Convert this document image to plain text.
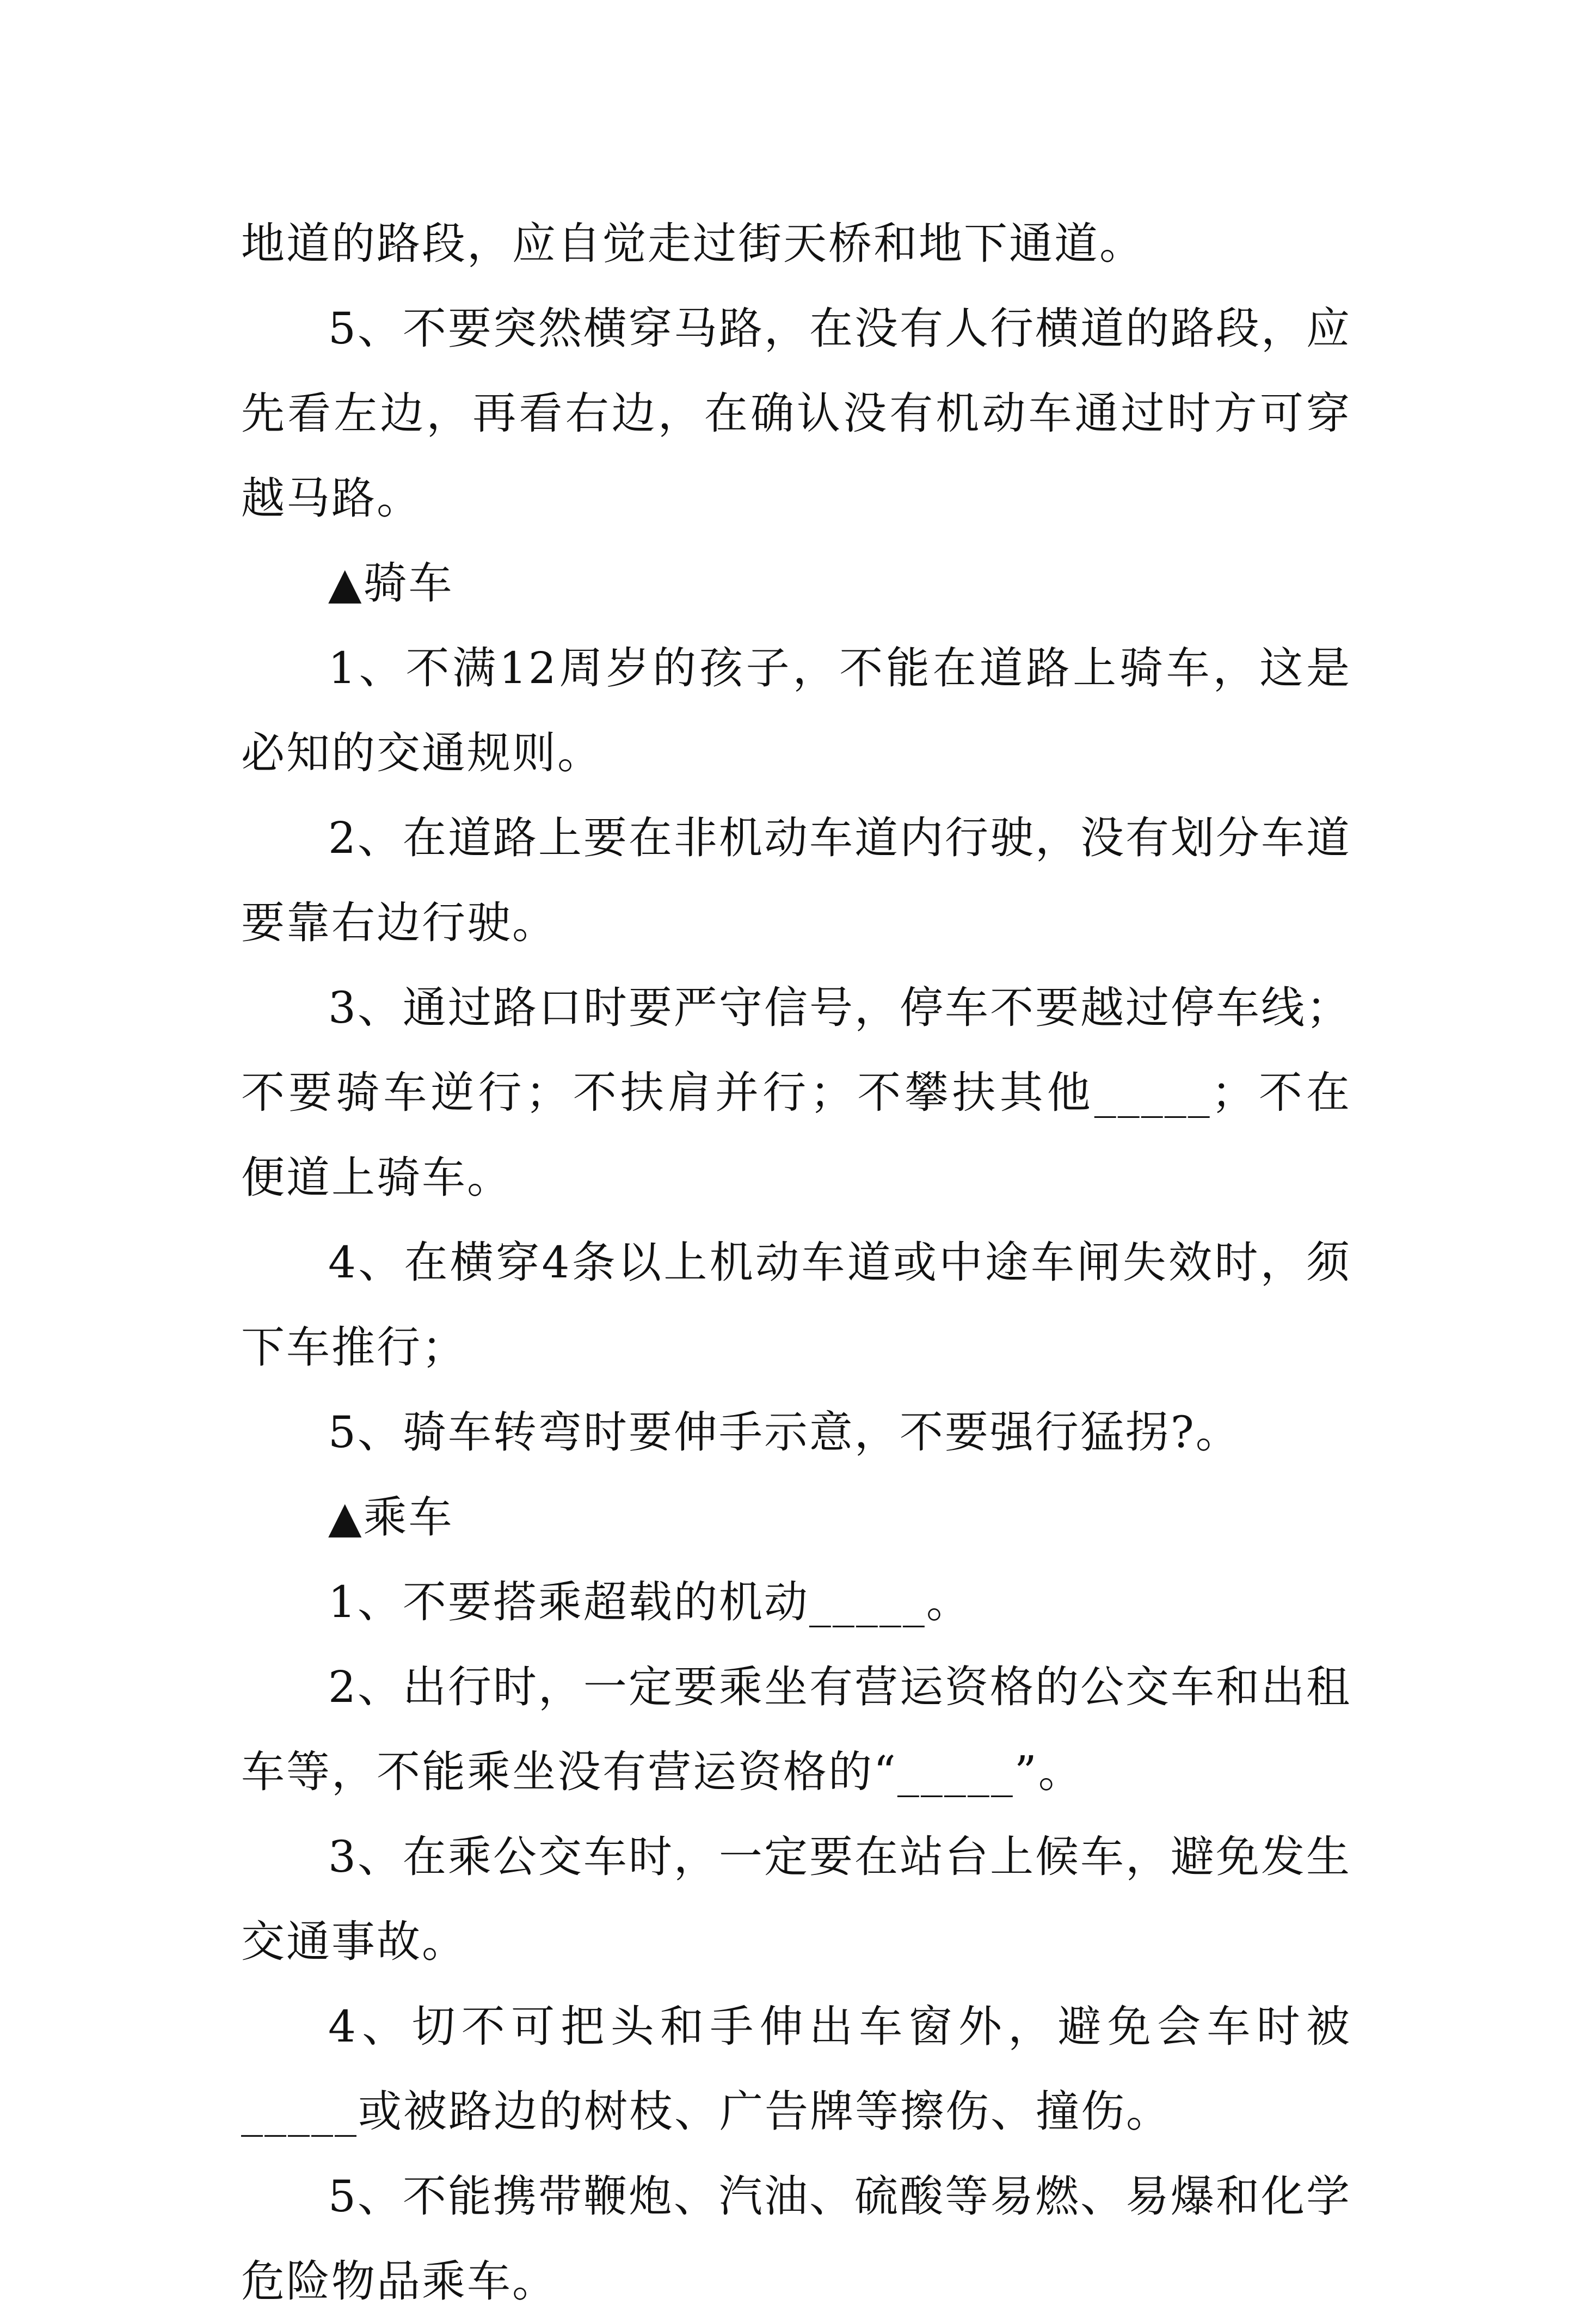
地道的路段，应自觉走过街天桥和地下通道。

5、不要突然横穿马路，在没有人行横道的路段，应先看左边，再看右边，在确认没有机动车通过时方可穿越马路。

▲骑车

1、不满12周岁的孩子，不能在道路上骑车，这是必知的交通规则。

2、在道路上要在非机动车道内行驶，没有划分车道要靠右边行驶。

3、通过路口时要严守信号，停车不要越过停车线；不要骑车逆行；不扶肩并行；不攀扶其他_____；不在便道上骑车。

4、在横穿4条以上机动车道或中途车闸失效时，须下车推行；

5、骑车转弯时要伸手示意，不要强行猛拐?。

▲乘车

1、不要搭乘超载的机动_____。

2、出行时，一定要乘坐有营运资格的公交车和出租车等，不能乘坐没有营运资格的“_____”。

3、在乘公交车时，一定要在站台上候车，避免发生交通事故。

4、切不可把头和手伸出车窗外，避免会车时被_____或被路边的树枝、广告牌等擦伤、撞伤。

5、不能携带鞭炮、汽油、硫酸等易燃、易爆和化学危险物品乘车。
